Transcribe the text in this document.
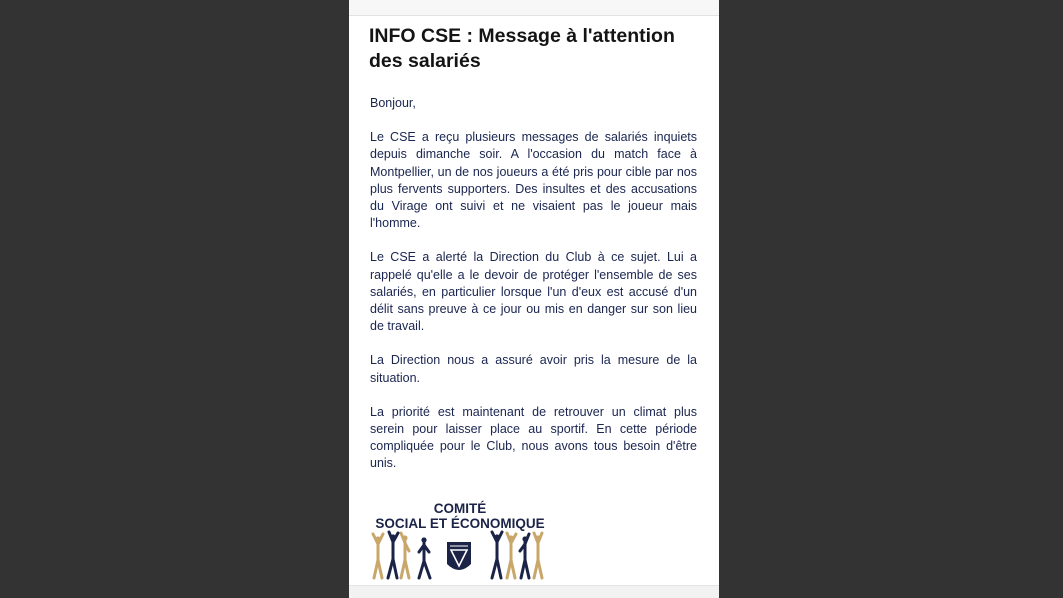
INFO CSE : Message à l'attention des salariés

Bonjour,

Le CSE a reçu plusieurs messages de salariés inquiets depuis dimanche soir. A l'occasion du match face à Montpellier, un de nos joueurs a été pris pour cible par nos plus fervents supporters. Des insultes et des accusations du Virage ont suivi et ne visaient pas le joueur mais l'homme.

Le CSE a alerté la Direction du Club à ce sujet. Lui a rappelé qu'elle a le devoir de protéger l'ensemble de ses salariés, en particulier lorsque l'un d'eux est accusé d'un délit sans preuve à ce jour ou mis en danger sur son lieu de travail.

La Direction nous a assuré avoir pris la mesure de la situation.

La priorité est maintenant de retrouver un climat plus serein pour laisser place au sportif. En cette période compliquée pour le Club, nous avons tous besoin d'être unis.

COMITÉ
SOCIAL ET ÉCONOMIQUE
